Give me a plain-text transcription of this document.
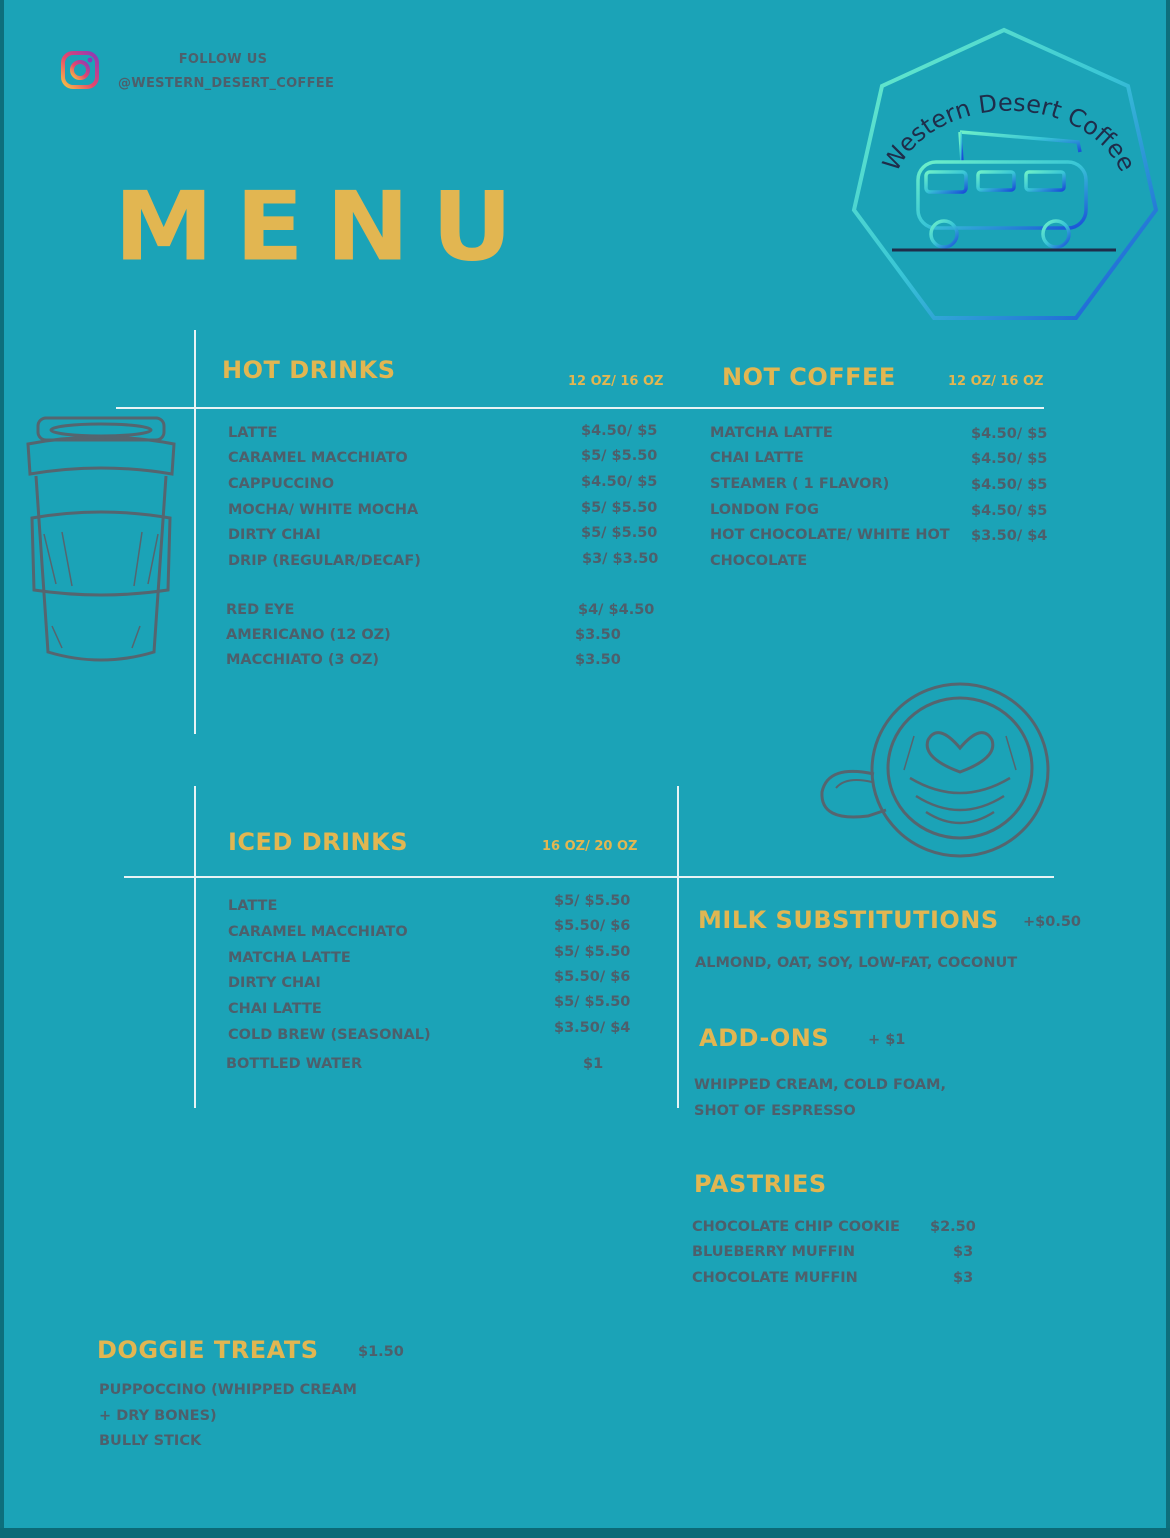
FOLLOW US
@WESTERN_DESERT_COFFEE
MENU
Western Desert Coffee
HOT DRINKS	12 OZ/ 16 OZ
LATTE	$4.50/ $5
CARAMEL MACCHIATO	$5/ $5.50
CAPPUCCINO	$4.50/ $5
MOCHA/ WHITE MOCHA	$5/ $5.50
DIRTY CHAI	$5/ $5.50
DRIP (REGULAR/DECAF)	$3/ $3.50
RED EYE	$4/ $4.50
AMERICANO (12 OZ)	$3.50
MACCHIATO (3 OZ)	$3.50
NOT COFFEE	12 OZ/ 16 OZ
MATCHA LATTE	$4.50/ $5
CHAI LATTE	$4.50/ $5
STEAMER ( 1 FLAVOR)	$4.50/ $5
LONDON FOG	$4.50/ $5
HOT CHOCOLATE/ WHITE HOT $3.50/ $4
CHOCOLATE
ICED DRINKS	16 OZ/ 20 OZ
LATTE	$5/ $5.50
CARAMEL MACCHIATO	$5.50/ $6
MATCHA LATTE	$5/ $5.50
DIRTY CHAI	$5.50/ $6
CHAI LATTE	$5/ $5.50
COLD BREW (SEASONAL)	$3.50/ $4
BOTTLED WATER	$1
MILK SUBSTITUTIONS +$0.50
ALMOND, OAT, SOY, LOW-FAT, COCONUT
ADD-ONS	+ $1
WHIPPED CREAM, COLD FOAM,
SHOT OF ESPRESSO
PASTRIES
CHOCOLATE CHIP COOKIE $2.50
BLUEBERRY MUFFIN	$3
CHOCOLATE MUFFIN	$3
DOGGIE TREATS	$1.50
PUPPOCCINO (WHIPPED CREAM
+ DRY BONES)
BULLY STICK
